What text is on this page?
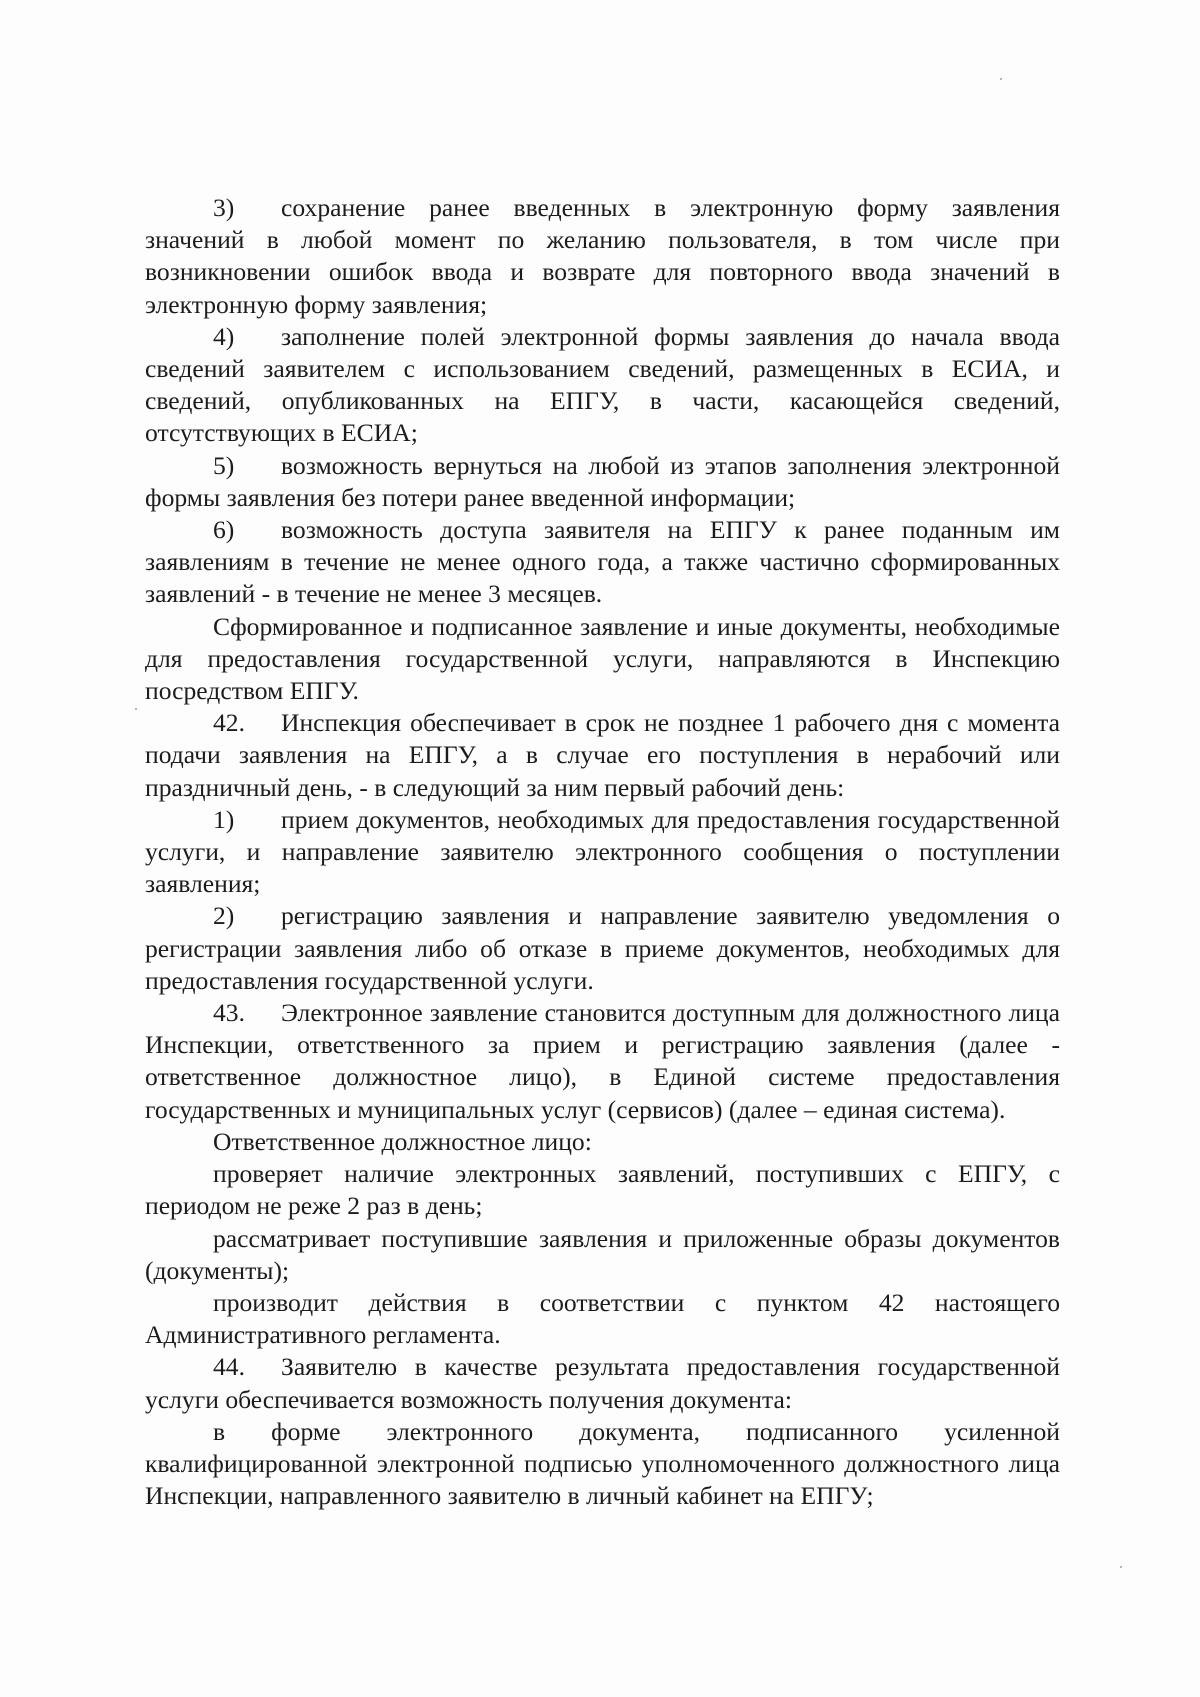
3) сохранение ранее введенных в электронную форму заявления значений в любой момент по желанию пользователя, в том числе при возникновении ошибок ввода и возврате для повторного ввода значений в электронную форму заявления;

4) заполнение полей электронной формы заявления до начала ввода сведений заявителем с использованием сведений, размещенных в ЕСИА, и сведений, опубликованных на ЕПГУ, в части, касающейся сведений, отсутствующих в ЕСИА;

5) возможность вернуться на любой из этапов заполнения электронной формы заявления без потери ранее введенной информации;

6) возможность доступа заявителя на ЕПГУ к ранее поданным им заявлениям в течение не менее одного года, а также частично сформированных заявлений - в течение не менее 3 месяцев.

Сформированное и подписанное заявление и иные документы, необходимые для предоставления государственной услуги, направляются в Инспекцию посредством ЕПГУ.

42. Инспекция обеспечивает в срок не позднее 1 рабочего дня с момента подачи заявления на ЕПГУ, а в случае его поступления в нерабочий или праздничный день, - в следующий за ним первый рабочий день:

1) прием документов, необходимых для предоставления государственной услуги, и направление заявителю электронного сообщения о поступлении заявления;

2) регистрацию заявления и направление заявителю уведомления о регистрации заявления либо об отказе в приеме документов, необходимых для предоставления государственной услуги.

43. Электронное заявление становится доступным для должностного лица Инспекции, ответственного за прием и регистрацию заявления (далее - ответственное должностное лицо), в Единой системе предоставления государственных и муниципальных услуг (сервисов) (далее – единая система).

Ответственное должностное лицо:

проверяет наличие электронных заявлений, поступивших с ЕПГУ, с периодом не реже 2 раз в день;

рассматривает поступившие заявления и приложенные образы документов (документы);

производит действия в соответствии с пунктом 42 настоящего Административного регламента.

44. Заявителю в качестве результата предоставления государственной услуги обеспечивается возможность получения документа:

в форме электронного документа, подписанного усиленной квалифицированной электронной подписью уполномоченного должностного лица Инспекции, направленного заявителю в личный кабинет на ЕПГУ;
